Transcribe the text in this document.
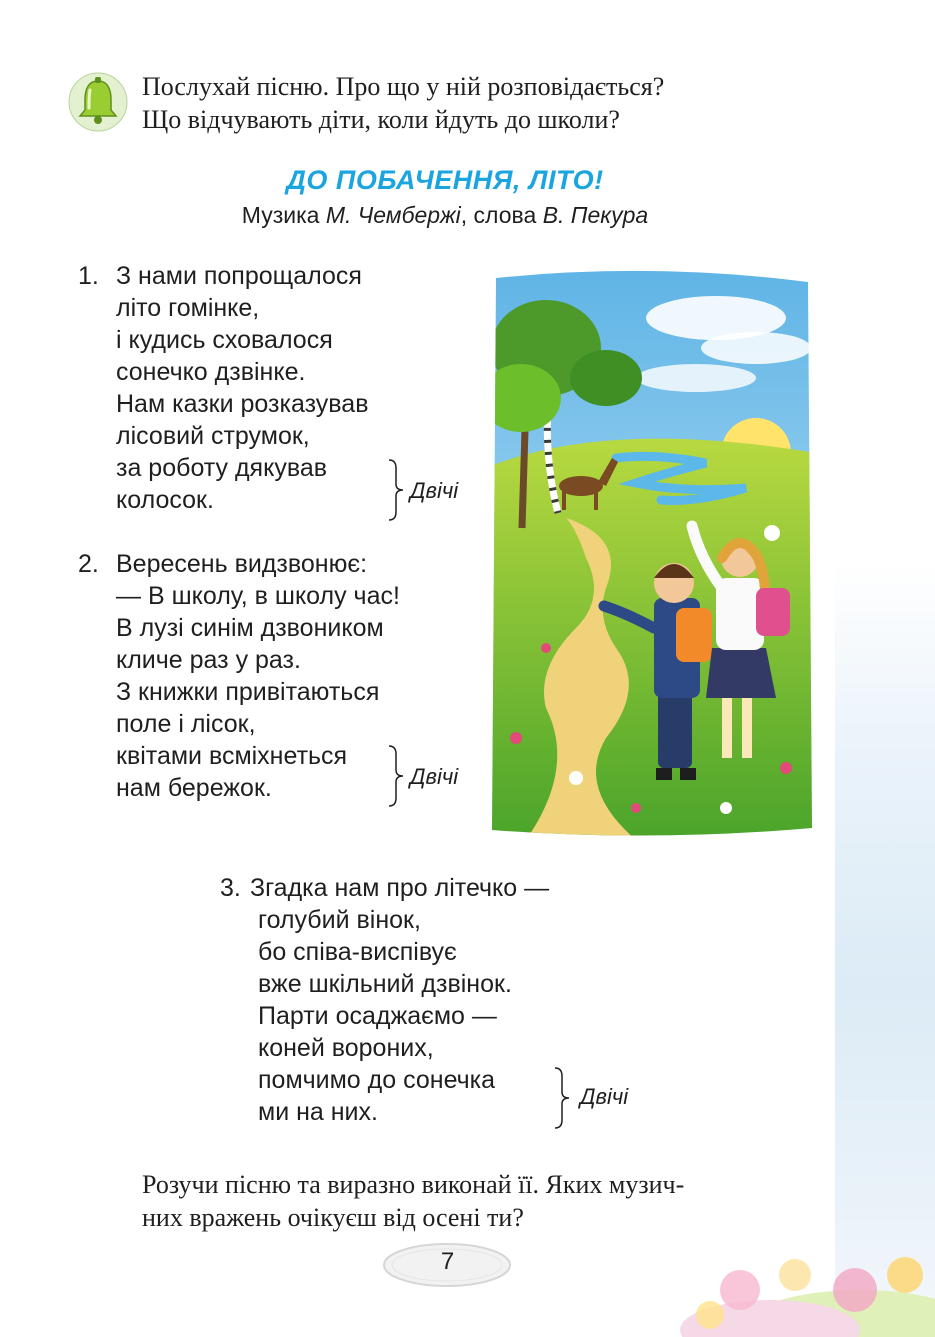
Послухай пісню. Про що у ній розповідається?
Що відчувають діти, коли йдуть до школи?
ДО ПОБАЧЕННЯ, ЛІТО!
Музика М. Чембержі, слова В. Пекура
1. З нами попрощалося
літо гомінке,
і кудись сховалося
сонечко дзвінке.
Нам казки розказував
лісовий струмок,
за роботу дякував
колосок.	Двічі
2. Вересень видзвонює:
— В школу, в школу час!
В лузі синім дзвоником
кличе раз у раз.
З книжки привітаються
поле і лісок,
квітами всміхнеться
нам бережок.	Двічі
3. Згадка нам про літечко —
голубий вінок,
бо співа-виспівує
вже шкільний дзвінок.
Парти осаджаємо —
коней вороних,
помчимо до сонечка
ми на них.
Двічі
Розучи пісню та виразно виконай її. Яких музич-
них вражень очікуєш від осені ти?
7
